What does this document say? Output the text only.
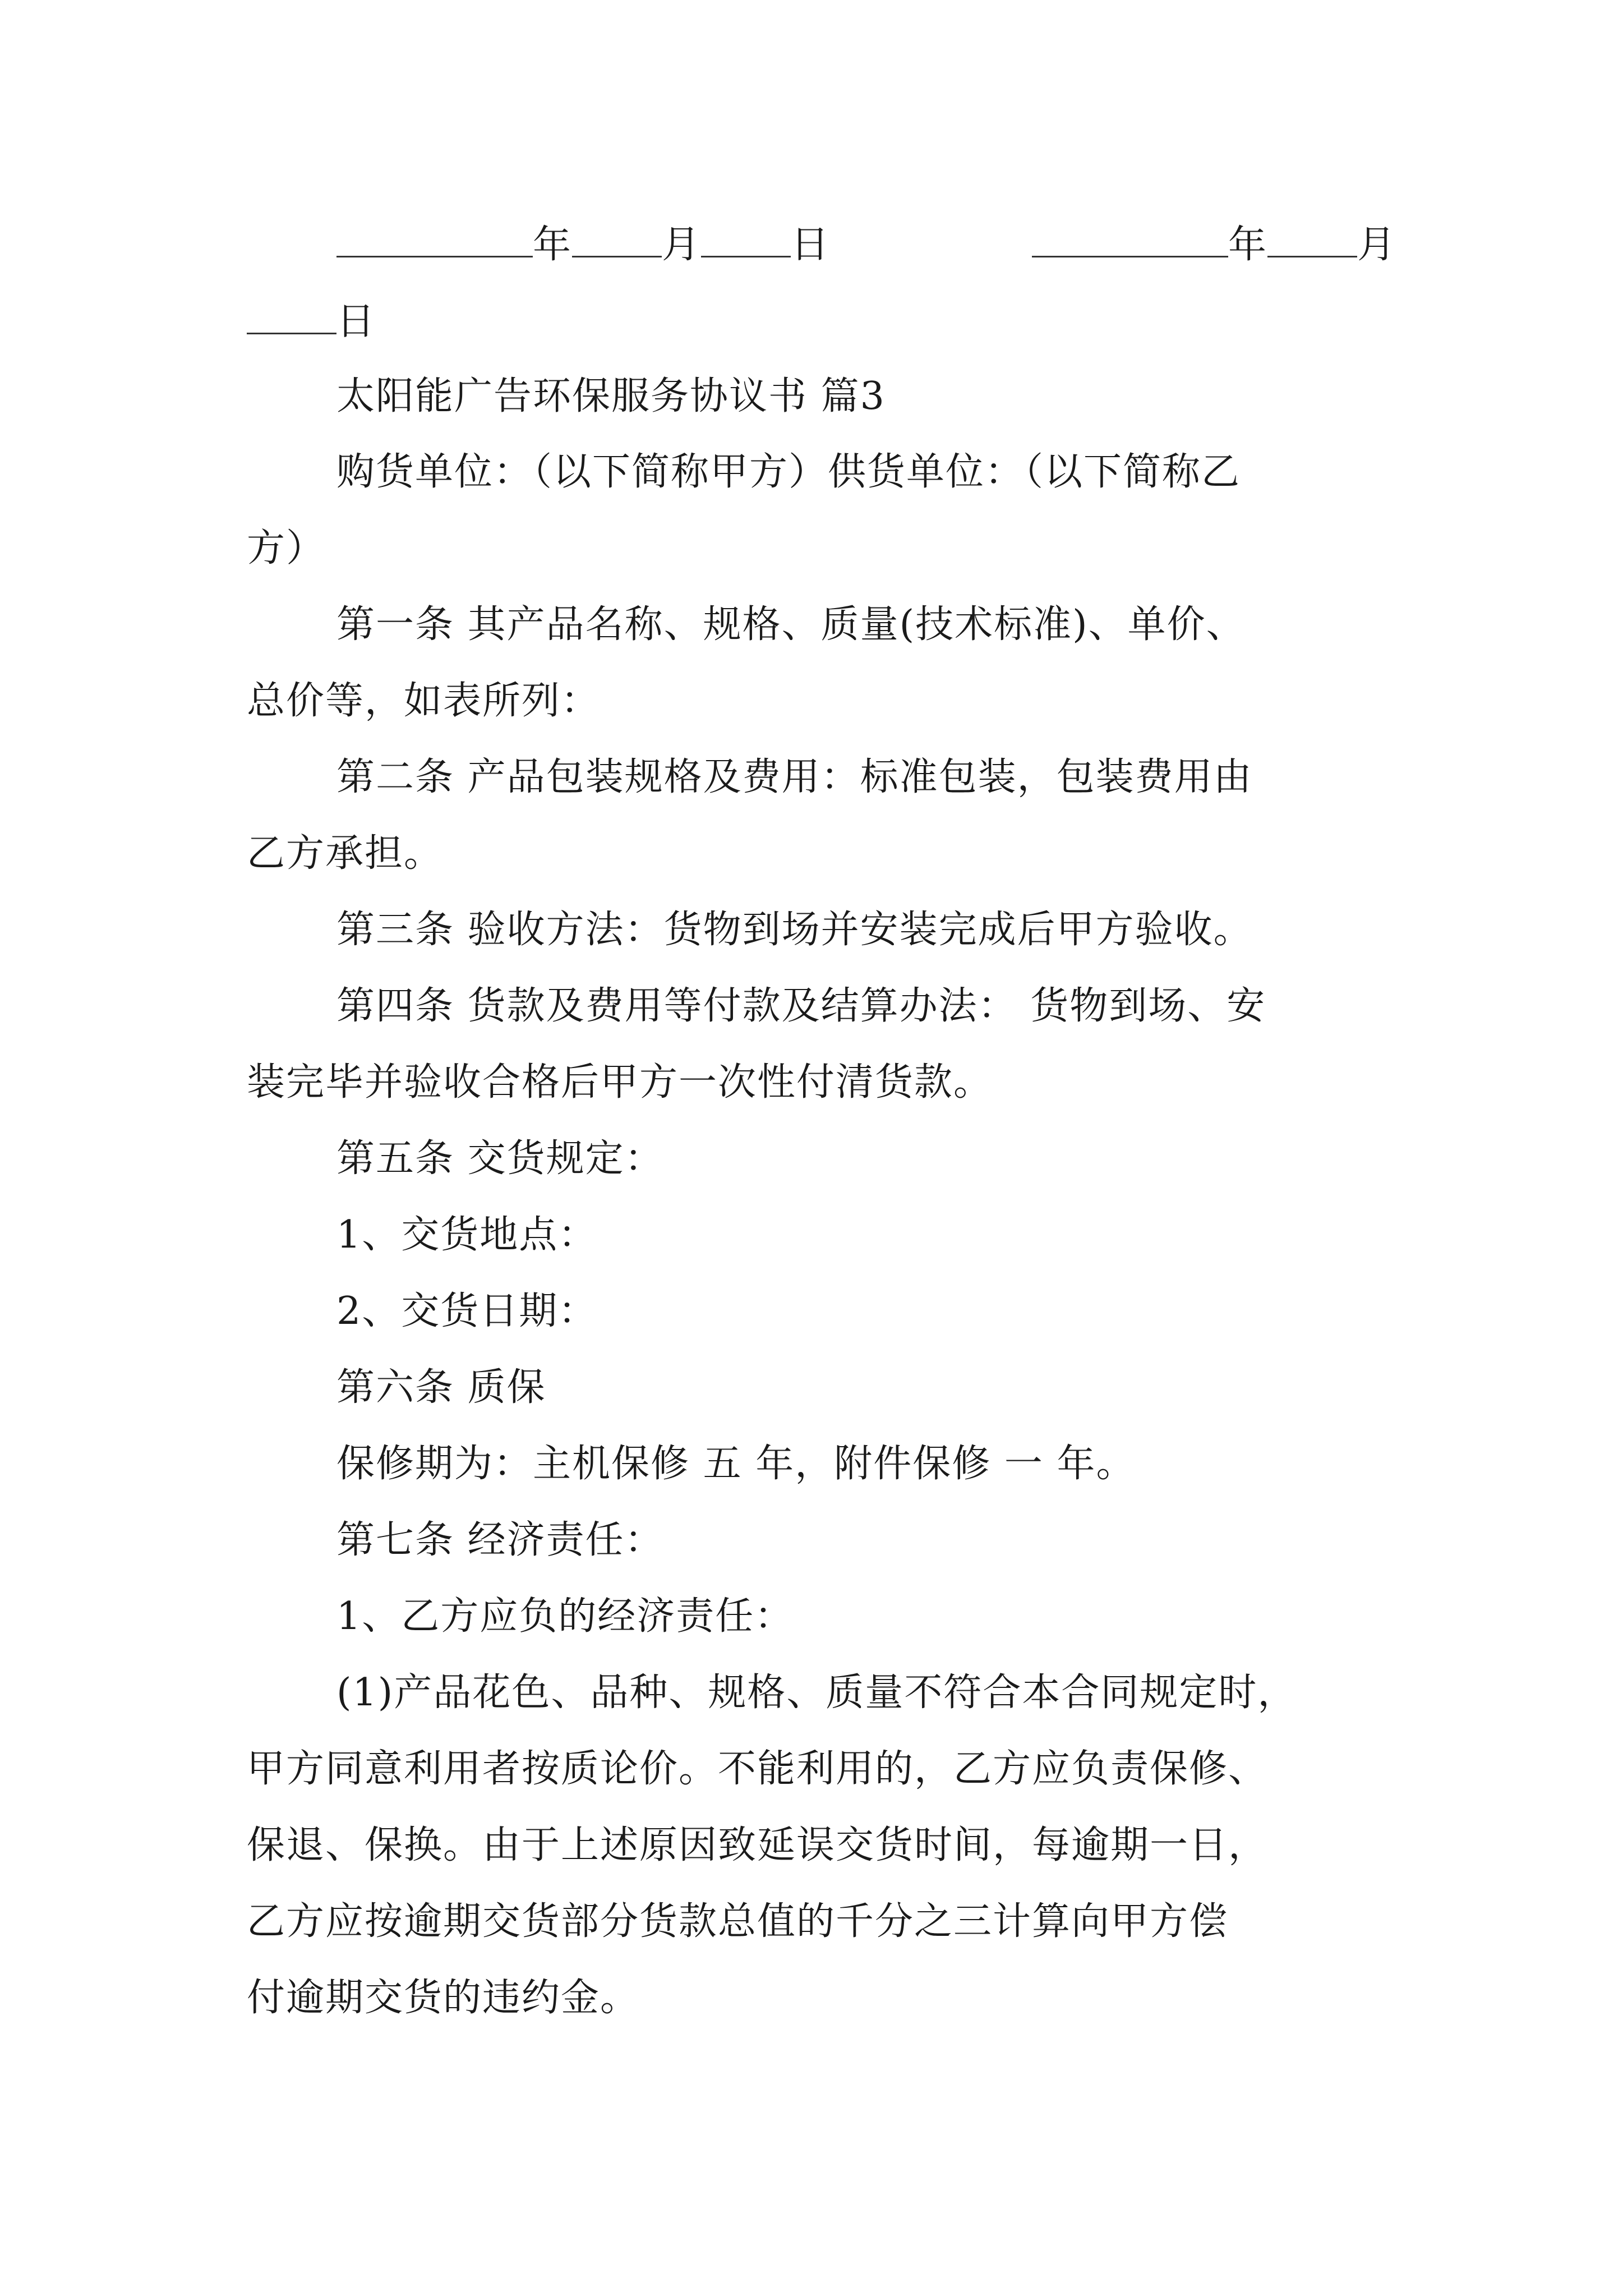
年 月 日	年 月
日
太阳能广告环保服务协议书 篇3
购货单位：（以下简称甲方）供货单位：（以下简称乙
方）
第一条 其产品名称、规格、质量(技术标准)、单价、
总价等，如表所列：
第二条 产品包装规格及费用：标准包装，包装费用由
乙方承担。
第三条 验收方法：货物到场并安装完成后甲方验收。
第四条 货款及费用等付款及结算办法： 货物到场、安
装完毕并验收合格后甲方一次性付清货款。
第五条 交货规定：
1、交货地点：
2、交货日期：
第六条 质保
保修期为：主机保修 五 年，附件保修 一 年。
第七条 经济责任：
1、乙方应负的经济责任：
(1)产品花色、品种、规格、质量不符合本合同规定时，
甲方同意利用者按质论价。不能利用的，乙方应负责保修、
保退、保换。由于上述原因致延误交货时间，每逾期一日，
乙方应按逾期交货部分货款总值的千分之三计算向甲方偿
付逾期交货的违约金。
